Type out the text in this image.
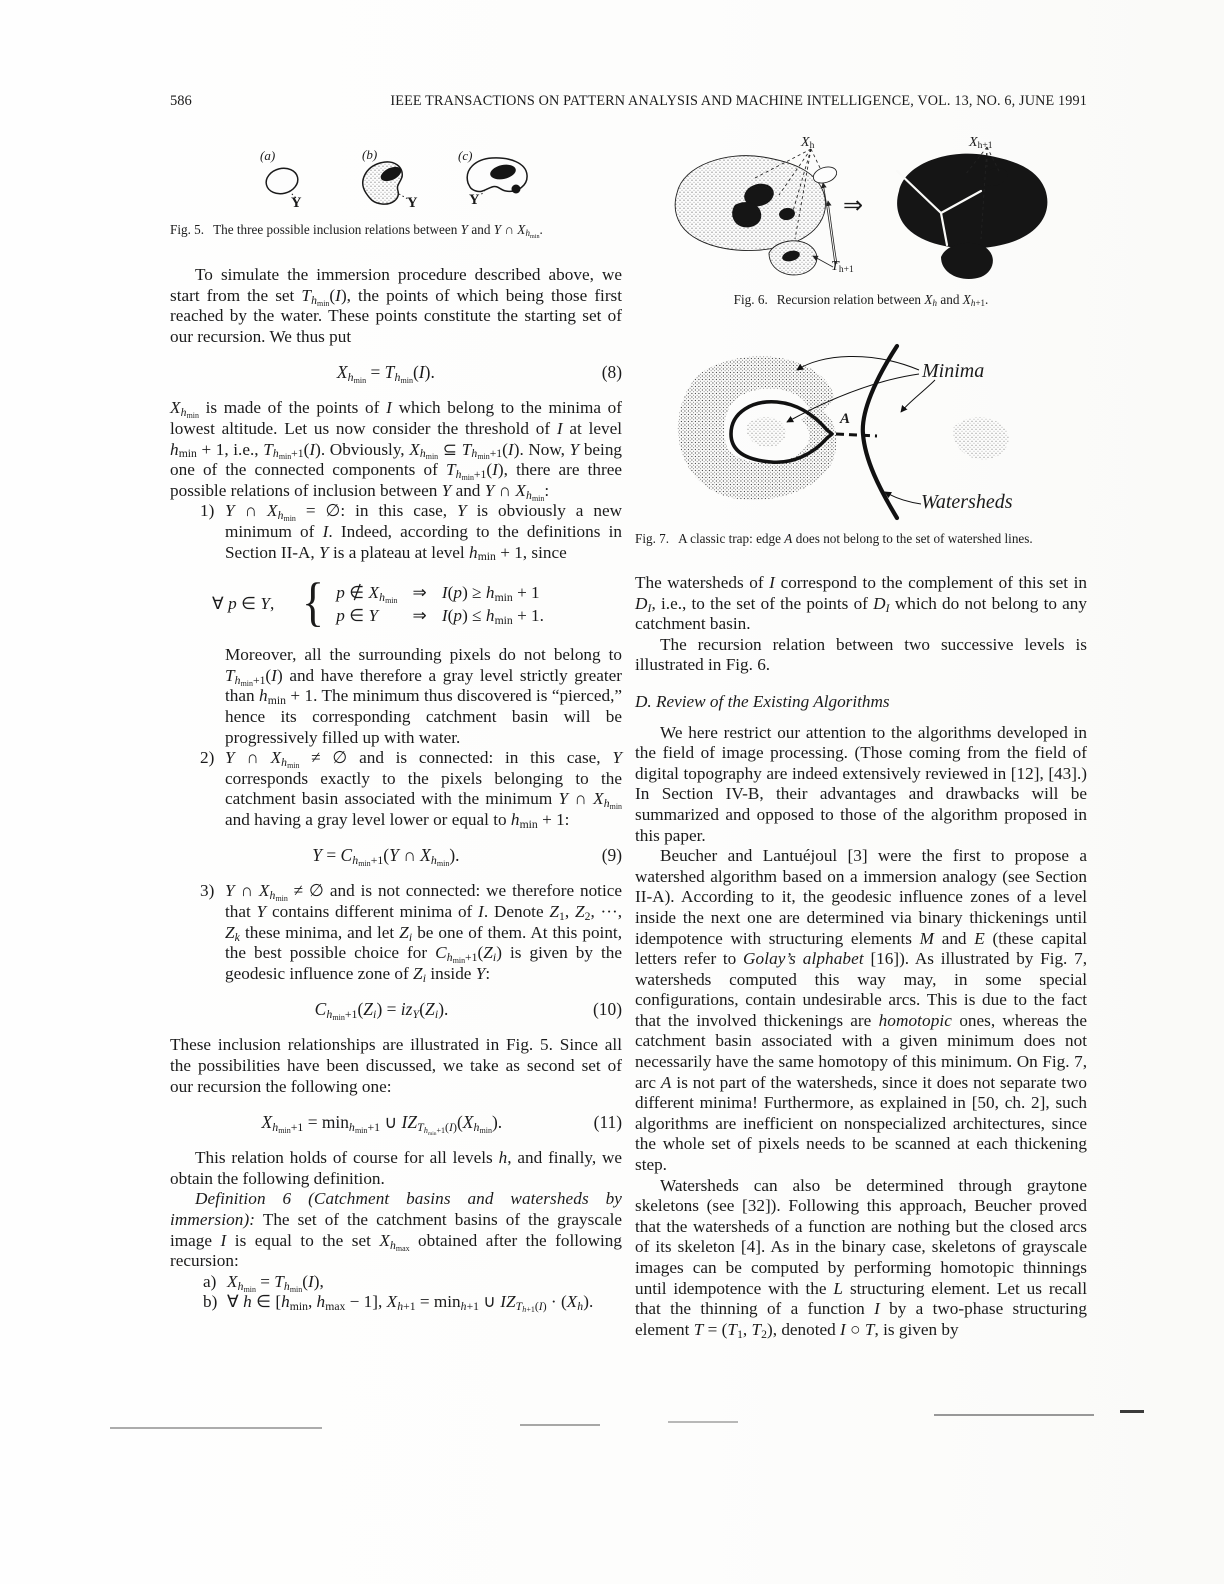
586	IEEE TRANSACTIONS ON PATTERN ANALYSIS AND MACHINE INTELLIGENCE, VOL. 13, NO. 6, JUNE 1991
(a)	(b)	(c)
Y	Y	Y
Fig. 5. The three possible inclusion relations between Y and Y ∩ $X_{h_{min}}$.

To simulate the immersion procedure described above, we start from the set $T_{h_{min}}(I)$, the points of which being those first reached by the water. These points constitute the starting set of our recursion. We thus put

$X_{h_{min}} = T_{h_{min}}(I)$.	(8)

$X_{h_{min}}$ is made of the points of I which belong to the minima of lowest altitude. Let us now consider the threshold of I at level $h_{min} + 1$, i.e., $T_{h_{min}+1}(I)$. Obviously, $X_{h_{min}}$ ⊆ $T_{h_{min}+1}(I)$. Now, Y being one of the connected components of $T_{h_{min}+1}(I)$, there are three possible relations of inclusion between Y and Y ∩ $X_{h_{min}}$:

1) Y ∩ $X_{h_{min}}$ = ∅: in this case, Y is obviously a new minimum of I. Indeed, according to the definitions in Section II-A, Y is a plateau at level $h_{min} + 1$, since
∀ p ∈ Y, { p ∉ $X_{h_{min}}$ ⇒ $I(p) \ge h_{min} + 1$
p ∈ Y	⇒ $I(p) \le h_{min} + 1$.

Moreover, all the surrounding pixels do not belong to $T_{h_{min}+1}(I)$ and have therefore a gray level strictly greater than $h_{min} + 1$. The minimum thus discovered is “pierced,” hence its corresponding catchment basin will be progressively filled up with water.

2) Y ∩ $X_{h_{min}}$ ≠ ∅ and is connected: in this case, Y corresponds exactly to the pixels belonging to the catchment basin associated with the minimum Y ∩ $X_{h_{min}}$ and having a gray level lower or equal to $h_{min} + 1$:
$Y = C_{h_{min}+1}(Y$ ∩ $X_{h_{min}}$).	(9)
3) Y ∩ $X_{h_{min}}$ ≠ ∅ and is not connected: we therefore notice that Y contains different minima of I. Denote $Z_1$, $Z_2$, ···, $Z_k$ these minima, and let $Z_i$ be one of them. At this point, the best possible choice for $C_{h_{min}+1}(Z_i)$ is given by the geodesic influence zone of $Z_i$ inside Y:
$C_{h_{min}+1}(Z_i) = iz_Y(Z_i)$.	(10)

These inclusion relationships are illustrated in Fig. 5. Since all the possibilities have been discussed, we take as second set of our recursion the following one:

$X_{h_{min}+1} = \min_{h_{min}+1}$ ∪ $IZ_{T_{h_{min}+1}(I)}(X_{h_{min}})$.	(11)

This relation holds of course for all levels h, and finally, we obtain the following definition.

Definition 6 (Catchment basins and watersheds by immersion): The set of the catchment basins of the grayscale image I is equal to the set $X_{h_{max}}$ obtained after the following recursion:

a) $X_{h_{min}} = T_{h_{min}}(I)$,
b) ∀ h ∈ [$h_{min}$, $h_{max} - 1$], $X_{h+1} = \min_{h+1}$ ∪ $IZ_{T_{h+1}(I)} \cdot (X_h)$.
$X_h$
$T_{h+1}$
$X_{h+1}$
⇒
Fig. 6. Recursion relation between $X_h$ and $X_{h+1}$.
Minima
A
Watersheds
Fig. 7. A classic trap: edge A does not belong to the set of watershed lines.

The watersheds of I correspond to the complement of this set in $D_I$, i.e., to the set of the points of $D_I$ which do not belong to any catchment basin.

The recursion relation between two successive levels is illustrated in Fig. 6.

D. Review of the Existing Algorithms

We here restrict our attention to the algorithms developed in the field of image processing. (Those coming from the field of digital topography are indeed extensively reviewed in [12], [43].) In Section IV-B, their advantages and drawbacks will be summarized and opposed to those of the algorithm proposed in this paper.

Beucher and Lantuéjoul [3] were the first to propose a watershed algorithm based on a immersion analogy (see Section II-A). According to it, the geodesic influence zones of a level inside the next one are determined via binary thickenings until idempotence with structuring elements M and E (these capital letters refer to Golay’s alphabet [16]). As illustrated by Fig. 7, watersheds computed this way may, in some special configurations, contain undesirable arcs. This is due to the fact that the involved thickenings are homotopic ones, whereas the catchment basin associated with a given minimum does not necessarily have the same homotopy of this minimum. On Fig. 7, arc A is not part of the watersheds, since it does not separate two different minima! Furthermore, as explained in [50, ch. 2], such algorithms are inefficient on nonspecialized architectures, since the whole set of pixels needs to be scanned at each thickening step.

Watersheds can also be determined through graytone skeletons (see [32]). Following this approach, Beucher proved that the watersheds of a function are nothing but the closed arcs of its skeleton [4]. As in the binary case, skeletons of grayscale images can be computed by performing homotopic thinnings until idempotence with the L structuring element. Let us recall that the thinning of a function I by a two-phase structuring element $T = (T_1$, $T_2$), denoted I ○ T, is given by
